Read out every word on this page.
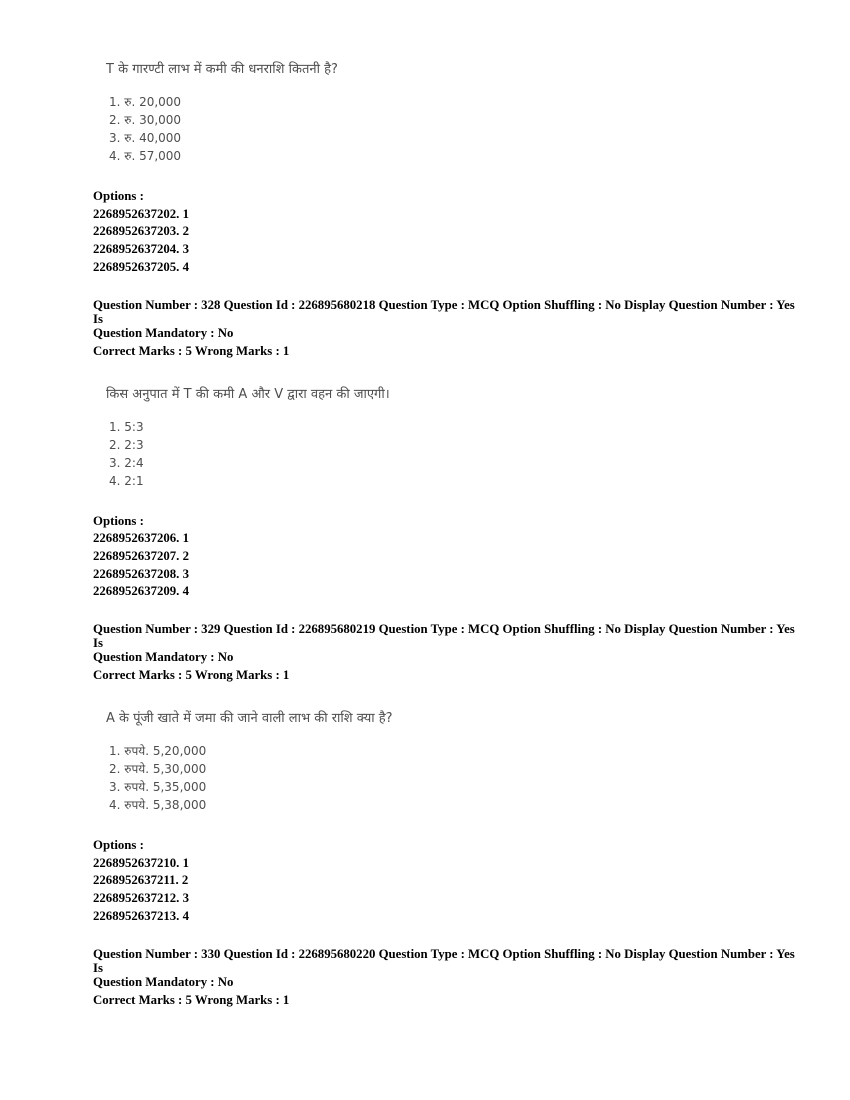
T के गारण्टी लाभ में कमी की धनराशि कितनी है?

1. रु. 20,000
2. रु. 30,000
3. रु. 40,000
4. रु. 57,000
Options :
2268952637202. 1
2268952637203. 2
2268952637204. 3
2268952637205. 4
Question Number : 328 Question Id : 226895680218 Question Type : MCQ Option Shuffling : No Display Question Number : Yes Is
Question Mandatory : No
Correct Marks : 5 Wrong Marks : 1

किस अनुपात में T की कमी A और V द्वारा वहन की जाएगी।

1. 5:3
2. 2:3
3. 2:4
4. 2:1
Options :
2268952637206. 1
2268952637207. 2
2268952637208. 3
2268952637209. 4
Question Number : 329 Question Id : 226895680219 Question Type : MCQ Option Shuffling : No Display Question Number : Yes Is
Question Mandatory : No
Correct Marks : 5 Wrong Marks : 1

A के पूंजी खाते में जमा की जाने वाली लाभ की राशि क्या है?

1. रुपये. 5,20,000
2. रुपये. 5,30,000
3. रुपये. 5,35,000
4. रुपये. 5,38,000
Options :
2268952637210. 1
2268952637211. 2
2268952637212. 3
2268952637213. 4
Question Number : 330 Question Id : 226895680220 Question Type : MCQ Option Shuffling : No Display Question Number : Yes Is
Question Mandatory : No
Correct Marks : 5 Wrong Marks : 1
